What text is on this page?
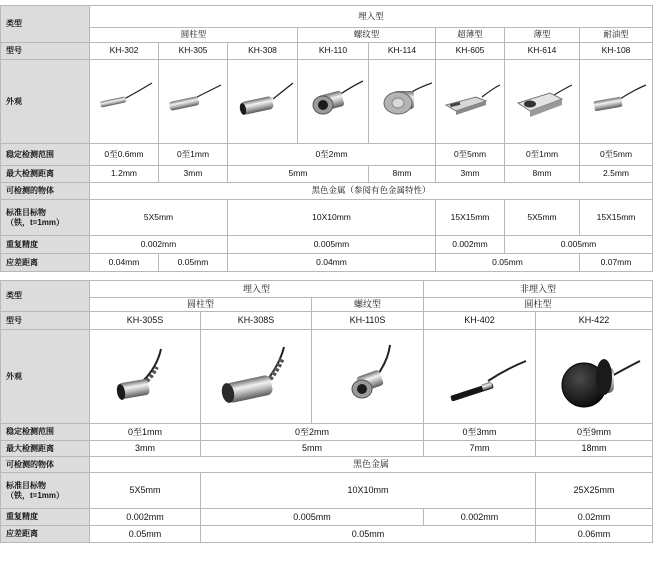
类型	埋入型								
	圆柱型			螺纹型		超薄型	薄型	耐油型	
型号	KH-302	KH-305	KH-308	KH-110	KH-114	KH-605	KH-614	KH-108	
外观	

稳定检测范围	0至0.6mm	0至1mm	0至2mm			0至5mm	0至1mm	0至5mm	
最大检测距离	1.2mm	3mm	5mm		8mm	3mm	8mm	2.5mm	
可检测的物体	黑色金属（参阅有色金属特性）								
标准目标物
（铁，t=1mm）	5X5mm		10X10mm			15X15mm	5X5mm	15X15mm	
重复精度	0.002mm		0.005mm			0.002mm	0.005mm		
应差距离	0.04mm	0.05mm	0.04mm			0.05mm		0.07mm	
类型	埋入型			非埋入型	
	圆柱型		螺纹型	圆柱型	
型号	KH-305S	KH-308S	KH-110S	KH-402	KH-422
外观	

稳定检测范围	0至1mm	0至2mm		0至3mm	0至9mm
最大检测距离	3mm	5mm		7mm	18mm
可检测的物体	黑色金属				
标准目标物
（铁，t=1mm）	5X5mm	10X10mm			25X25mm
重复精度	0.002mm	0.005mm		0.002mm	0.02mm
应差距离	0.05mm	0.05mm			0.06mm
